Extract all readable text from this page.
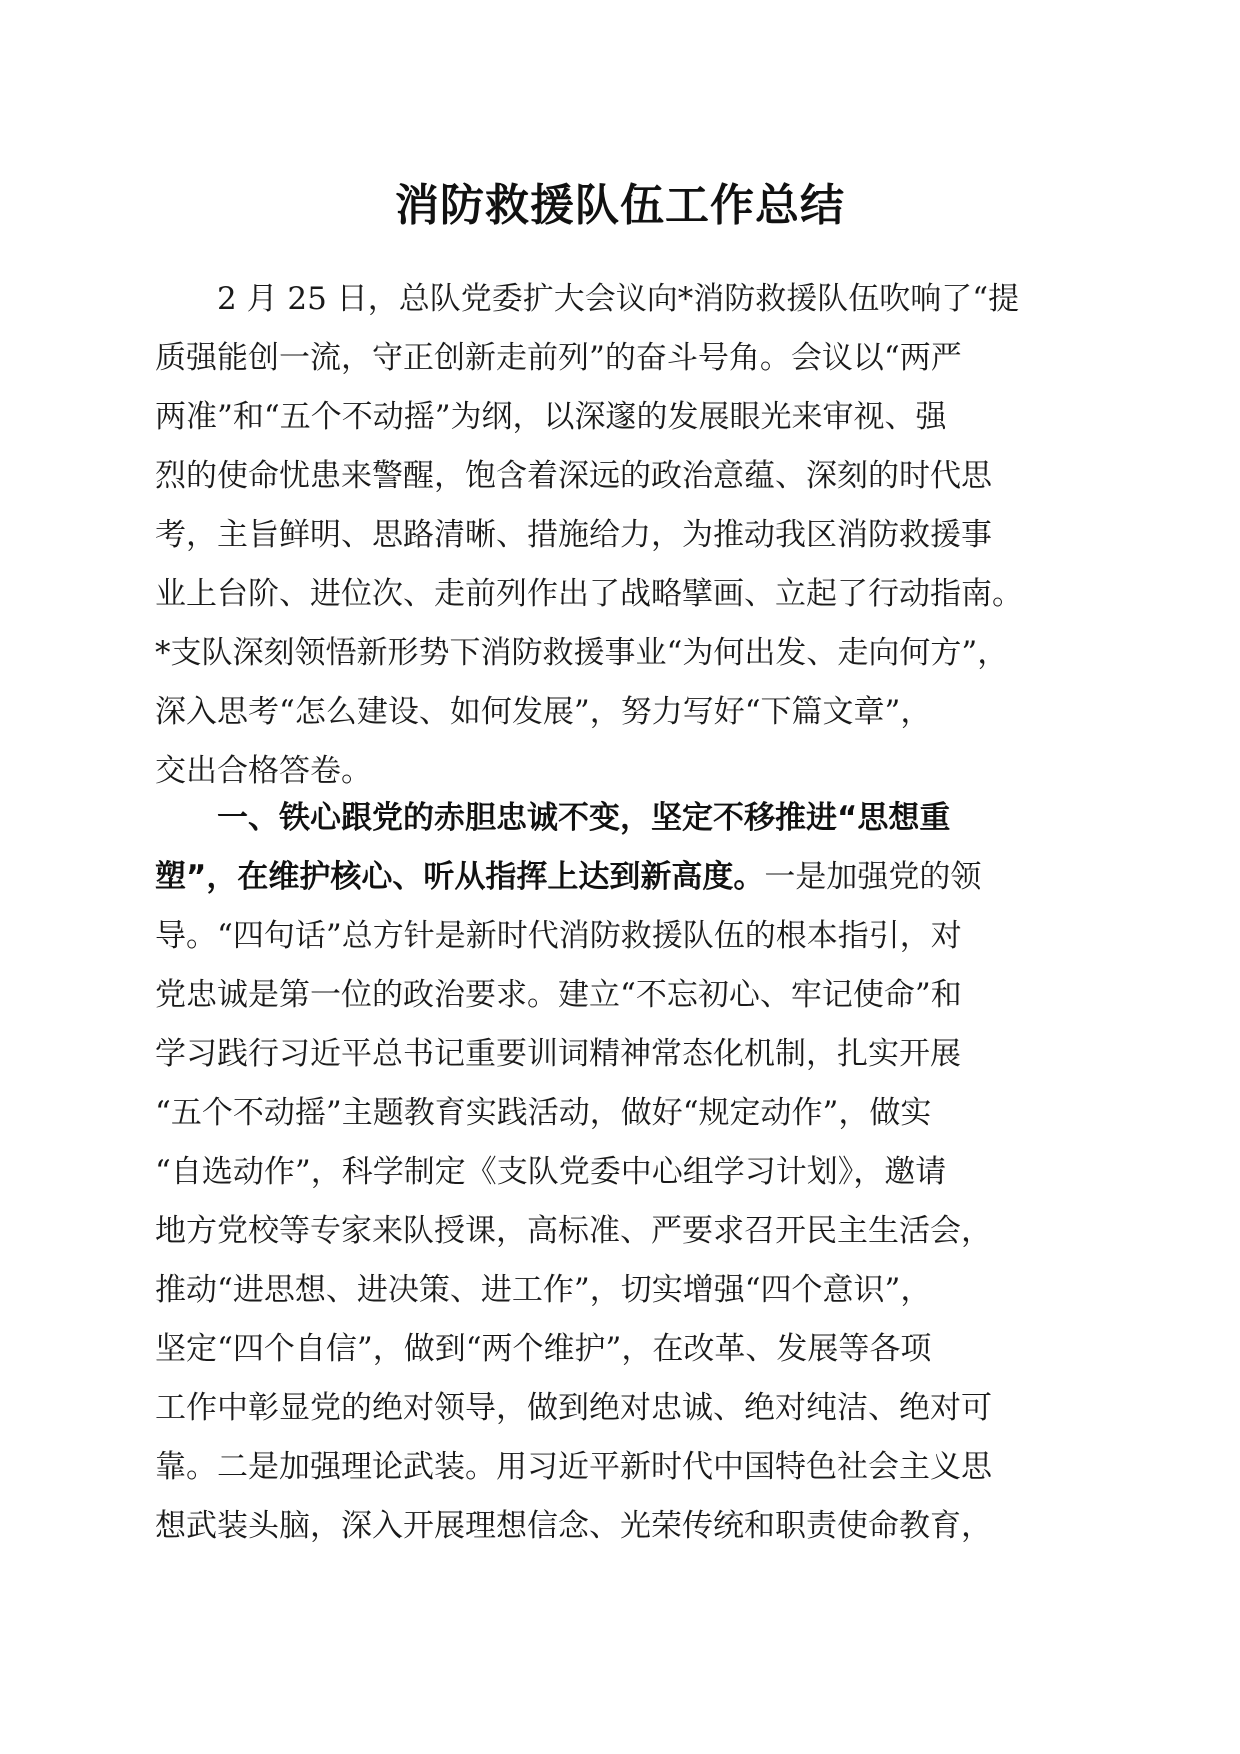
消防救援队伍工作总结
2 月 25 日，总队党委扩大会议向*消防救援队伍吹响了“提
质强能创一流，守正创新走前列”的奋斗号角。会议以“两严
两准”和“五个不动摇”为纲，以深邃的发展眼光来审视、强
烈的使命忧患来警醒，饱含着深远的政治意蕴、深刻的时代思
考，主旨鲜明、思路清晰、措施给力，为推动我区消防救援事
业上台阶、进位次、走前列作出了战略擘画、立起了行动指南。
*支队深刻领悟新形势下消防救援事业“为何出发、走向何方”，
深入思考“怎么建设、如何发展”，努力写好“下篇文章”，
交出合格答卷。
一、铁心跟党的赤胆忠诚不变，坚定不移推进“思想重
塑”，在维护核心、听从指挥上达到新高度。一是加强党的领
导。“四句话”总方针是新时代消防救援队伍的根本指引，对
党忠诚是第一位的政治要求。建立“不忘初心、牢记使命”和
学习践行习近平总书记重要训词精神常态化机制，扎实开展
“五个不动摇”主题教育实践活动，做好“规定动作”，做实
“自选动作”，科学制定《支队党委中心组学习计划》，邀请
地方党校等专家来队授课，高标准、严要求召开民主生活会，
推动“进思想、进决策、进工作”，切实增强“四个意识”，
坚定“四个自信”，做到“两个维护”，在改革、发展等各项
工作中彰显党的绝对领导，做到绝对忠诚、绝对纯洁、绝对可
靠。二是加强理论武装。用习近平新时代中国特色社会主义思
想武装头脑，深入开展理想信念、光荣传统和职责使命教育，
